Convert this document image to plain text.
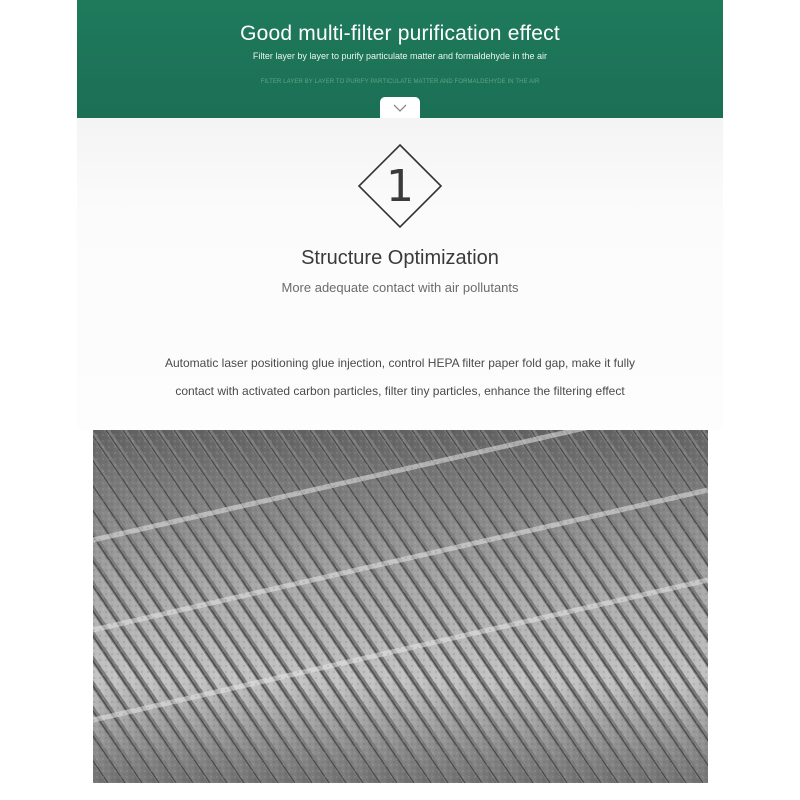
Good multi-filter purification effect
Filter layer by layer to purify particulate matter and formaldehyde in the air
FILTER LAYER BY LAYER TO PURIFY PARTICULATE MATTER AND FORMALDEHYDE IN THE AIR
1
Structure Optimization
More adequate contact with air pollutants
Automatic laser positioning glue injection, control HEPA filter paper fold gap, make it fully
contact with activated carbon particles, filter tiny particles, enhance the filtering effect
